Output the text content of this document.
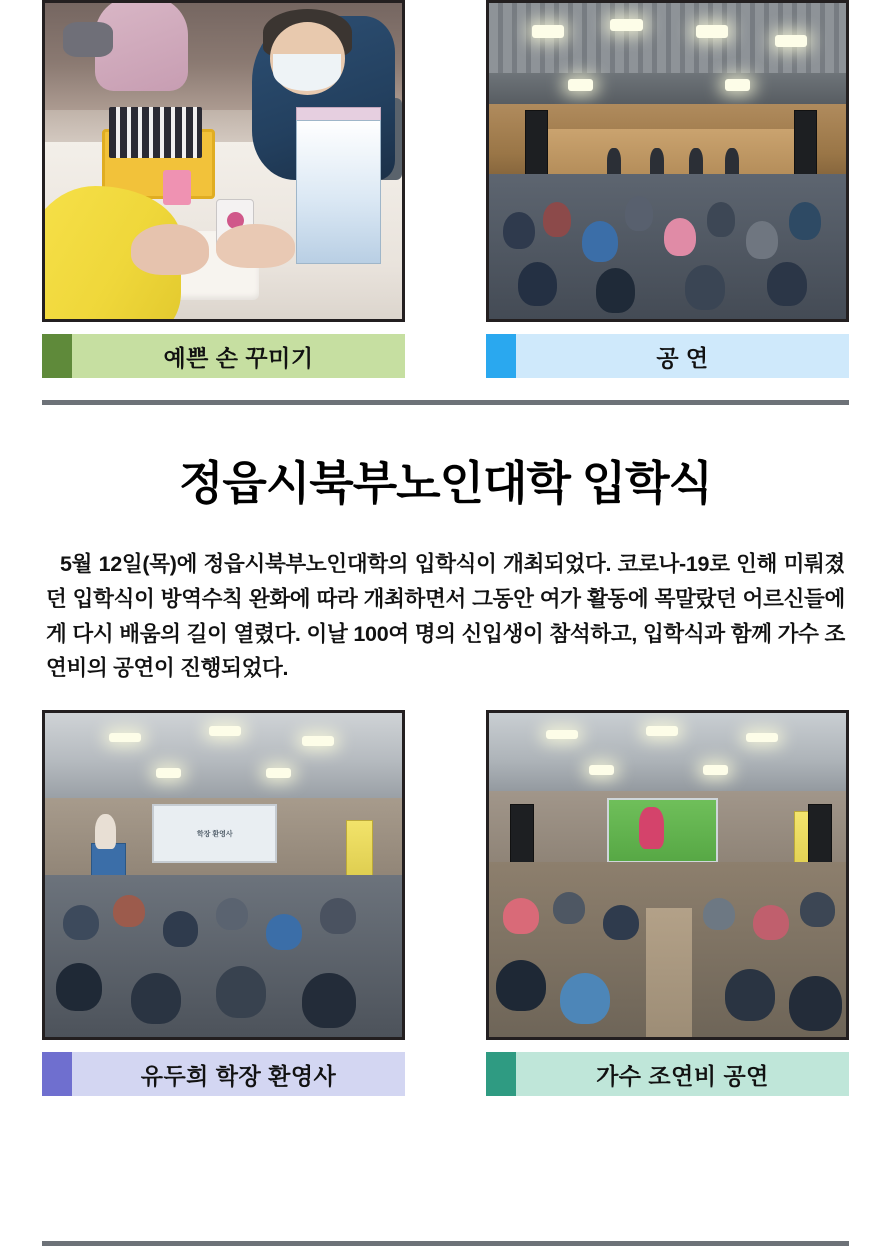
예쁜 손 꾸미기	공 연
정읍시북부노인대학 입학식

5월 12일(목)에 정읍시북부노인대학의 입학식이 개최되었다. 코로나-19로 인해 미뤄졌던 입학식이 방역수칙 완화에 따라 개최하면서 그동안 여가 활동에 목말랐던 어르신들에게 다시 배움의 길이 열렸다. 이날 100여 명의 신입생이 참석하고, 입학식과 함께 가수 조연비의 공연이 진행되었다.

학장 환영사
유두희 학장 환영사	가수 조연비 공연
